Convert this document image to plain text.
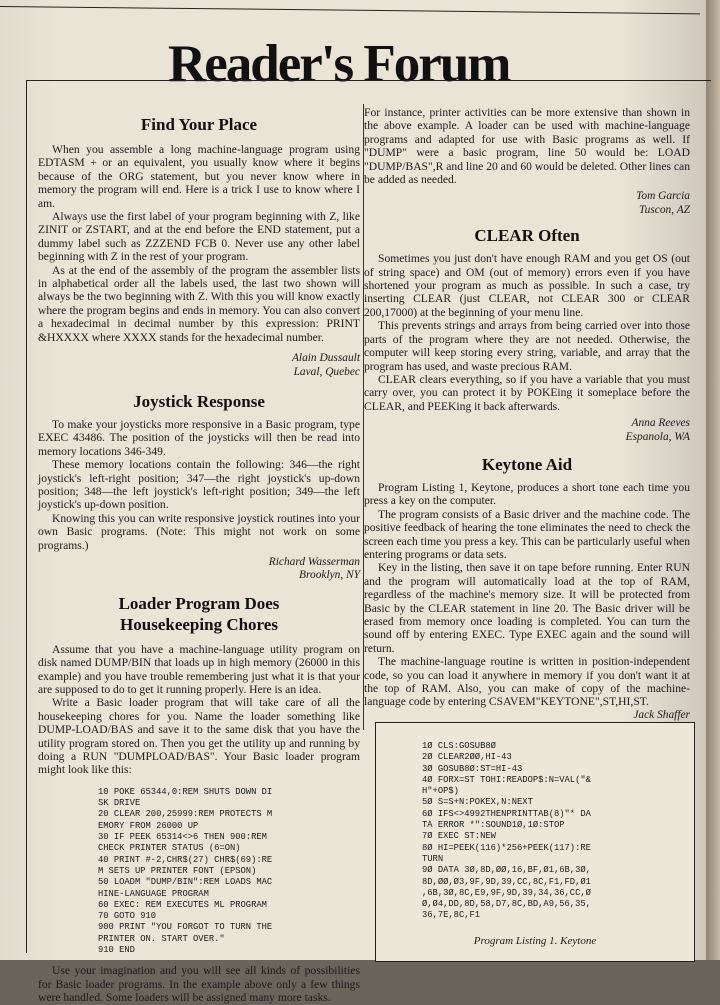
Reader's Forum
Find Your Place

When you assemble a long machine-language program using EDTASM + or an equivalent, you usually know where it begins because of the ORG statement, but you never know where in memory the program will end. Here is a trick I use to know where I am.

Always use the first label of your program beginning with Z, like ZINIT or ZSTART, and at the end before the END statement, put a dummy label such as ZZZEND FCB 0. Never use any other label beginning with Z in the rest of your program.

As at the end of the assembly of the program the assembler lists in alphabetical order all the labels used, the last two shown will always be the two beginning with Z. With this you will know exactly where the program begins and ends in memory. You can also convert a hexadecimal in decimal number by this expression: PRINT &HXXXX where XXXX stands for the hexadecimal number.

Alain Dussault
Laval, Quebec
Joystick Response

To make your joysticks more responsive in a Basic program, type EXEC 43486. The position of the joysticks will then be read into memory locations 346-349.

These memory locations contain the following: 346—the right joystick's left-right position; 347—the right joystick's up-down position; 348—the left joystick's left-right position; 349—the left joystick's up-down position.

Knowing this you can write responsive joystick routines into your own Basic programs. (Note: This might not work on some programs.)

Richard Wasserman
Brooklyn, NY
Loader Program Does
Housekeeping Chores

Assume that you have a machine-language utility program on disk named DUMP/BIN that loads up in high memory (26000 in this example) and you have trouble remembering just what it is that your are supposed to do to get it running properly. Here is an idea.

Write a Basic loader program that will take care of all the housekeeping chores for you. Name the loader something like DUMP-LOAD/BAS and save it to the same disk that you have the utility program stored on. Then you get the utility up and running by doing a RUN "DUMPLOAD/BAS". Your Basic loader program might look like this:

10 POKE 65344,0:REM SHUTS DOWN DI
SK DRIVE
20 CLEAR 200,25999:REM PROTECTS M
EMORY FROM 26000 UP
30 IF PEEK 65314<>6 THEN 900:REM
CHECK PRINTER STATUS (6=ON)
40 PRINT #-2,CHR$(27) CHR$(69):RE
M SETS UP PRINTER FONT (EPSON)
50 LOADM "DUMP/BIN":REM LOADS MAC
HINE-LANGUAGE PROGRAM
60 EXEC: REM EXECUTES ML PROGRAM
70 GOTO 910
900 PRINT "YOU FORGOT TO TURN THE
PRINTER ON. START OVER."
910 END

Use your imagination and you will see all kinds of possibilities for Basic loader programs. In the example above only a few things were handled. Some loaders will be assigned many more tasks.

For instance, printer activities can be more extensive than shown in the above example. A loader can be used with machine-language programs and adapted for use with Basic programs as well. If "DUMP" were a basic program, line 50 would be: LOAD "DUMP/BAS",R and line 20 and 60 would be deleted. Other lines can be added as needed.

Tom Garcia
Tuscon, AZ
CLEAR Often

Sometimes you just don't have enough RAM and you get OS (out of string space) and OM (out of memory) errors even if you have shortened your program as much as possible. In such a case, try inserting CLEAR (just CLEAR, not CLEAR 300 or CLEAR 200,17000) at the beginning of your menu line.

This prevents strings and arrays from being carried over into those parts of the program where they are not needed. Otherwise, the computer will keep storing every string, variable, and array that the program has used, and waste precious RAM.

CLEAR clears everything, so if you have a variable that you must carry over, you can protect it by POKEing it someplace before the CLEAR, and PEEKing it back afterwards.

Anna Reeves
Espanola, WA
Keytone Aid

Program Listing 1, Keytone, produces a short tone each time you press a key on the computer.

The program consists of a Basic driver and the machine code. The positive feedback of hearing the tone eliminates the need to check the screen each time you press a key. This can be particularly useful when entering programs or data sets.

Key in the listing, then save it on tape before running. Enter RUN and the program will automatically load at the top of RAM, regardless of the machine's memory size. It will be protected from Basic by the CLEAR statement in line 20. The Basic driver will be erased from memory once loading is completed. You can turn the sound off by entering EXEC. Type EXEC again and the sound will return.

The machine-language routine is written in position-independent code, so you can load it anywhere in memory if you don't want it at the top of RAM. Also, you can make of copy of the machine-language code by entering CSAVEM"KEYTONE",ST,HI,ST.

Jack Shaffer
1Ø CLS:GOSUB8Ø
2Ø CLEAR2ØØ,HI-43
3Ø GOSUB8Ø:ST=HI-43
4Ø FORX=ST TOHI:READOP$:N=VAL("&
H"+OP$)
5Ø S=S+N:POKEX,N:NEXT
6Ø IFS<>4992THENPRINTTAB(8)"* DA
TA ERROR *":SOUND1Ø,1Ø:STOP
7Ø EXEC ST:NEW
8Ø HI=PEEK(116)*256+PEEK(117):RE
TURN
9Ø DATA 3Ø,8D,ØØ,16,BF,Ø1,6B,3Ø,
8D,ØØ,Ø3,9F,9D,39,CC,8C,F1,FD,Ø1
,6B,3Ø,8C,E9,9F,9D,39,34,36,CC,Ø
Ø,Ø4,DD,8D,58,D7,8C,BD,A9,56,35,
36,7E,8C,F1
Program Listing 1. Keytone
